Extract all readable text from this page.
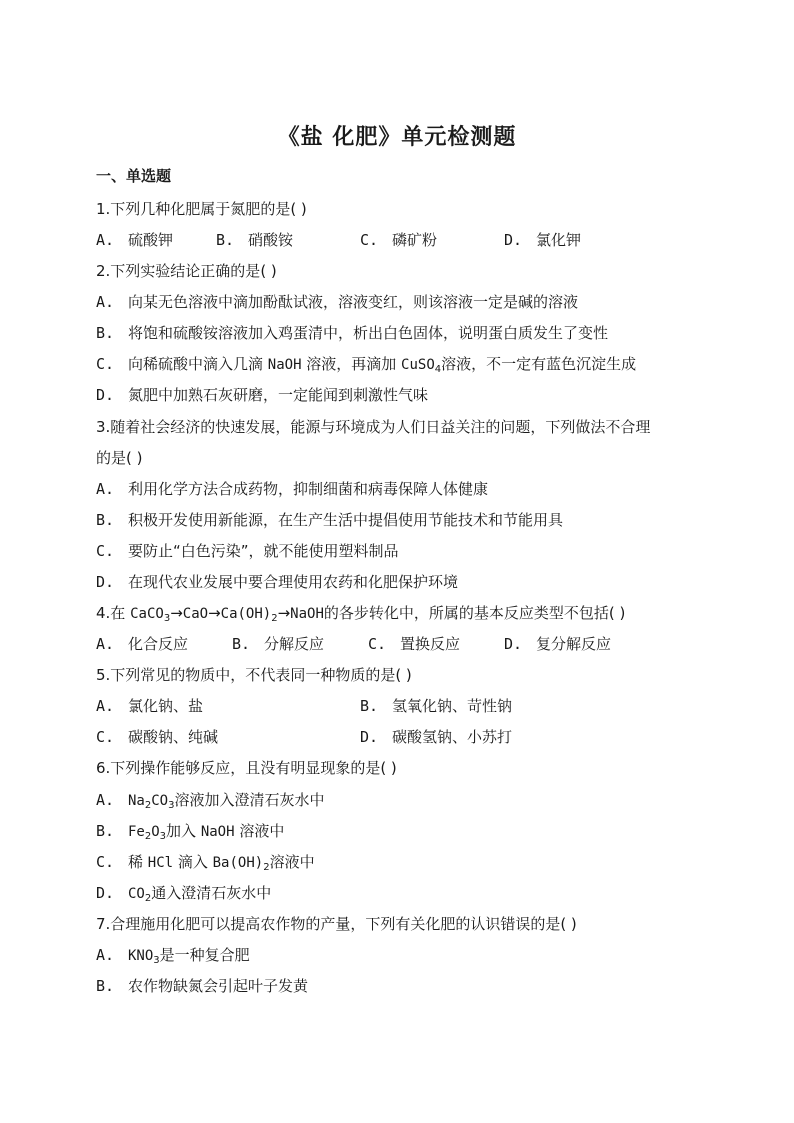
《盐 化肥》单元检测题
一、单选题
1.下列几种化肥属于氮肥的是( )
A. 硫酸钾	B. 硝酸铵	C. 磷矿粉	D. 氯化钾
2.下列实验结论正确的是( )
A. 向某无色溶液中滴加酚酞试液，溶液变红，则该溶液一定是碱的溶液
B. 将饱和硫酸铵溶液加入鸡蛋清中，析出白色固体，说明蛋白质发生了变性
C. 向稀硫酸中滴入几滴 NaOH 溶液，再滴加 CuSO$_4$溶液，不一定有蓝色沉淀生成
D. 氮肥中加熟石灰研磨，一定能闻到刺激性气味
3.随着社会经济的快速发展，能源与环境成为人们日益关注的问题，下列做法不合理
的是( )
A. 利用化学方法合成药物，抑制细菌和病毒保障人体健康
B. 积极开发使用新能源，在生产生活中提倡使用节能技术和节能用具
C. 要防止“白色污染”，就不能使用塑料制品
D. 在现代农业发展中要合理使用农药和化肥保护环境
4.在 $CaCO_3\to CaO\to Ca(OH)_2\to NaOH$的各步转化中，所属的基本反应类型不包括( )
A. 化合反应	B. 分解反应	C. 置换反应	D. 复分解反应
5.下列常见的物质中，不代表同一种物质的是( )
A. 氯化钠、盐	B. 氢氧化钠、苛性钠
C. 碳酸钠、纯碱	D. 碳酸氢钠、小苏打
6.下列操作能够反应，且没有明显现象的是( )
A. $Na_2CO_3$溶液加入澄清石灰水中
B. $Fe_2O_3$加入 NaOH 溶液中
C. 稀 HCl 滴入 $Ba(OH)_2$溶液中
D. $CO_2$通入澄清石灰水中
7.合理施用化肥可以提高农作物的产量，下列有关化肥的认识错误的是( )
A. $KNO_3$是一种复合肥
B. 农作物缺氮会引起叶子发黄
